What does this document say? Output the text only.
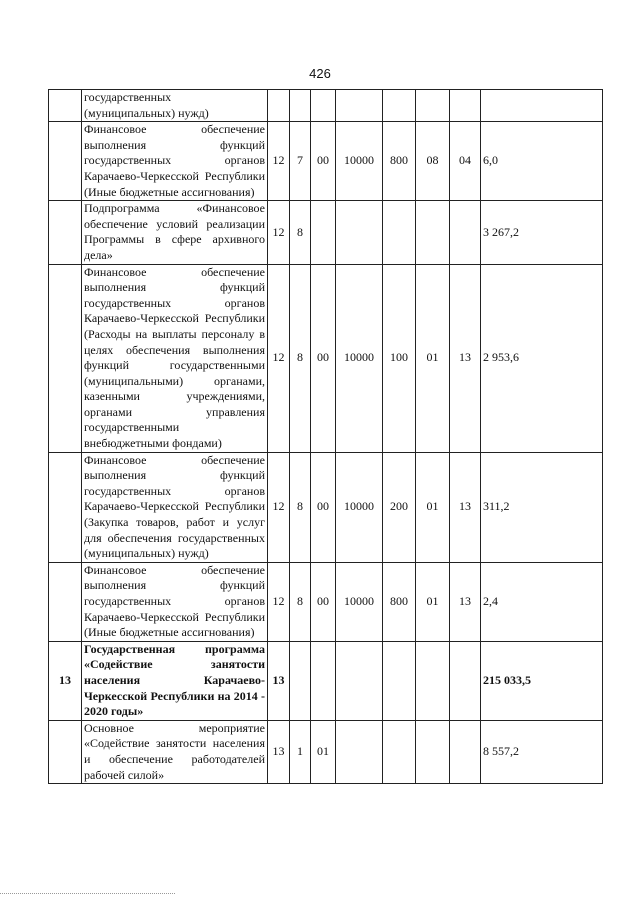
426
	государственных (муниципальных) нужд)								
	Финансовое обеспечение выполнения функций государственных органов Карачаево-Черкесской Республики (Иные бюджетные ассигнования)	12	7	00	10000	800	08	04	6,0
	Подпрограмма «Финансовое обеспечение условий реализации Программы в сфере архивного дела»	12	8						3 267,2
	Финансовое обеспечение выполнения функций государственных органов Карачаево-Черкесской Республики (Расходы на выплаты персоналу в целях обеспечения выполнения функций государственными (муниципальными) органами, казенными учреждениями, органами управления государственными внебюджетными фондами)	12	8	00	10000	100	01	13	2 953,6
	Финансовое обеспечение выполнения функций государственных органов Карачаево-Черкесской Республики (Закупка товаров, работ и услуг для обеспечения государственных (муниципальных) нужд)	12	8	00	10000	200	01	13	311,2
	Финансовое обеспечение выполнения функций государственных органов Карачаево-Черкесской Республики (Иные бюджетные ассигнования)	12	8	00	10000	800	01	13	2,4
13	Государственная программа «Содействие занятости населения Карачаево-Черкесской Республики на 2014 - 2020 годы»	13							215 033,5
	Основное мероприятие «Содействие занятости населения и обеспечение работодателей рабочей силой»	13	1	01					8 557,2
